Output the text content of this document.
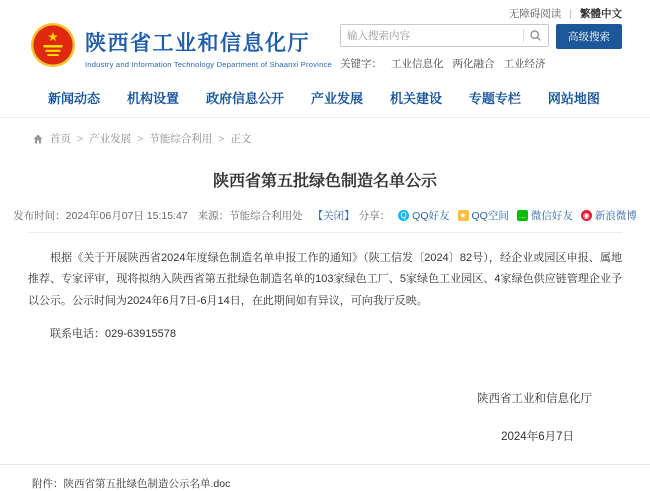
无障碍阅读 | 繁體中文
★ 陕西省工业和信息化厅
Industry and Information Technology Department of Shaanxi Province
输入搜索内容
高级搜索
关键字： 工业信息化 两化融合 工业经济
新闻动态 机构设置 政府信息公开 产业发展 机关建设 专题专栏 网站地图
首页 > 产业发展 > 节能综合利用 > 正文
陕西省第五批绿色制造名单公示
发布时间： 2024年06月07日 15:15:47 来源： 节能综合利用处 【关闭】 分享： Q QQ好友 ★ QQ空间 … 微信好友 ◉ 新浪微博

根据《关于开展陕西省2024年度绿色制造名单申报工作的通知》（陕工信发〔2024〕82号），经企业或园区申报、属地推荐、专家评审，现将拟纳入陕西省第五批绿色制造名单的103家绿色工厂、5家绿色工业园区、4家绿色供应链管理企业予以公示。公示时间为2024年6月7日-6月14日，在此期间如有异议，可向我厅反映。

联系电话：029-63915578

陕西省工业和信息化厅
2024年6月7日
附件：陕西省第五批绿色制造公示名单.doc
